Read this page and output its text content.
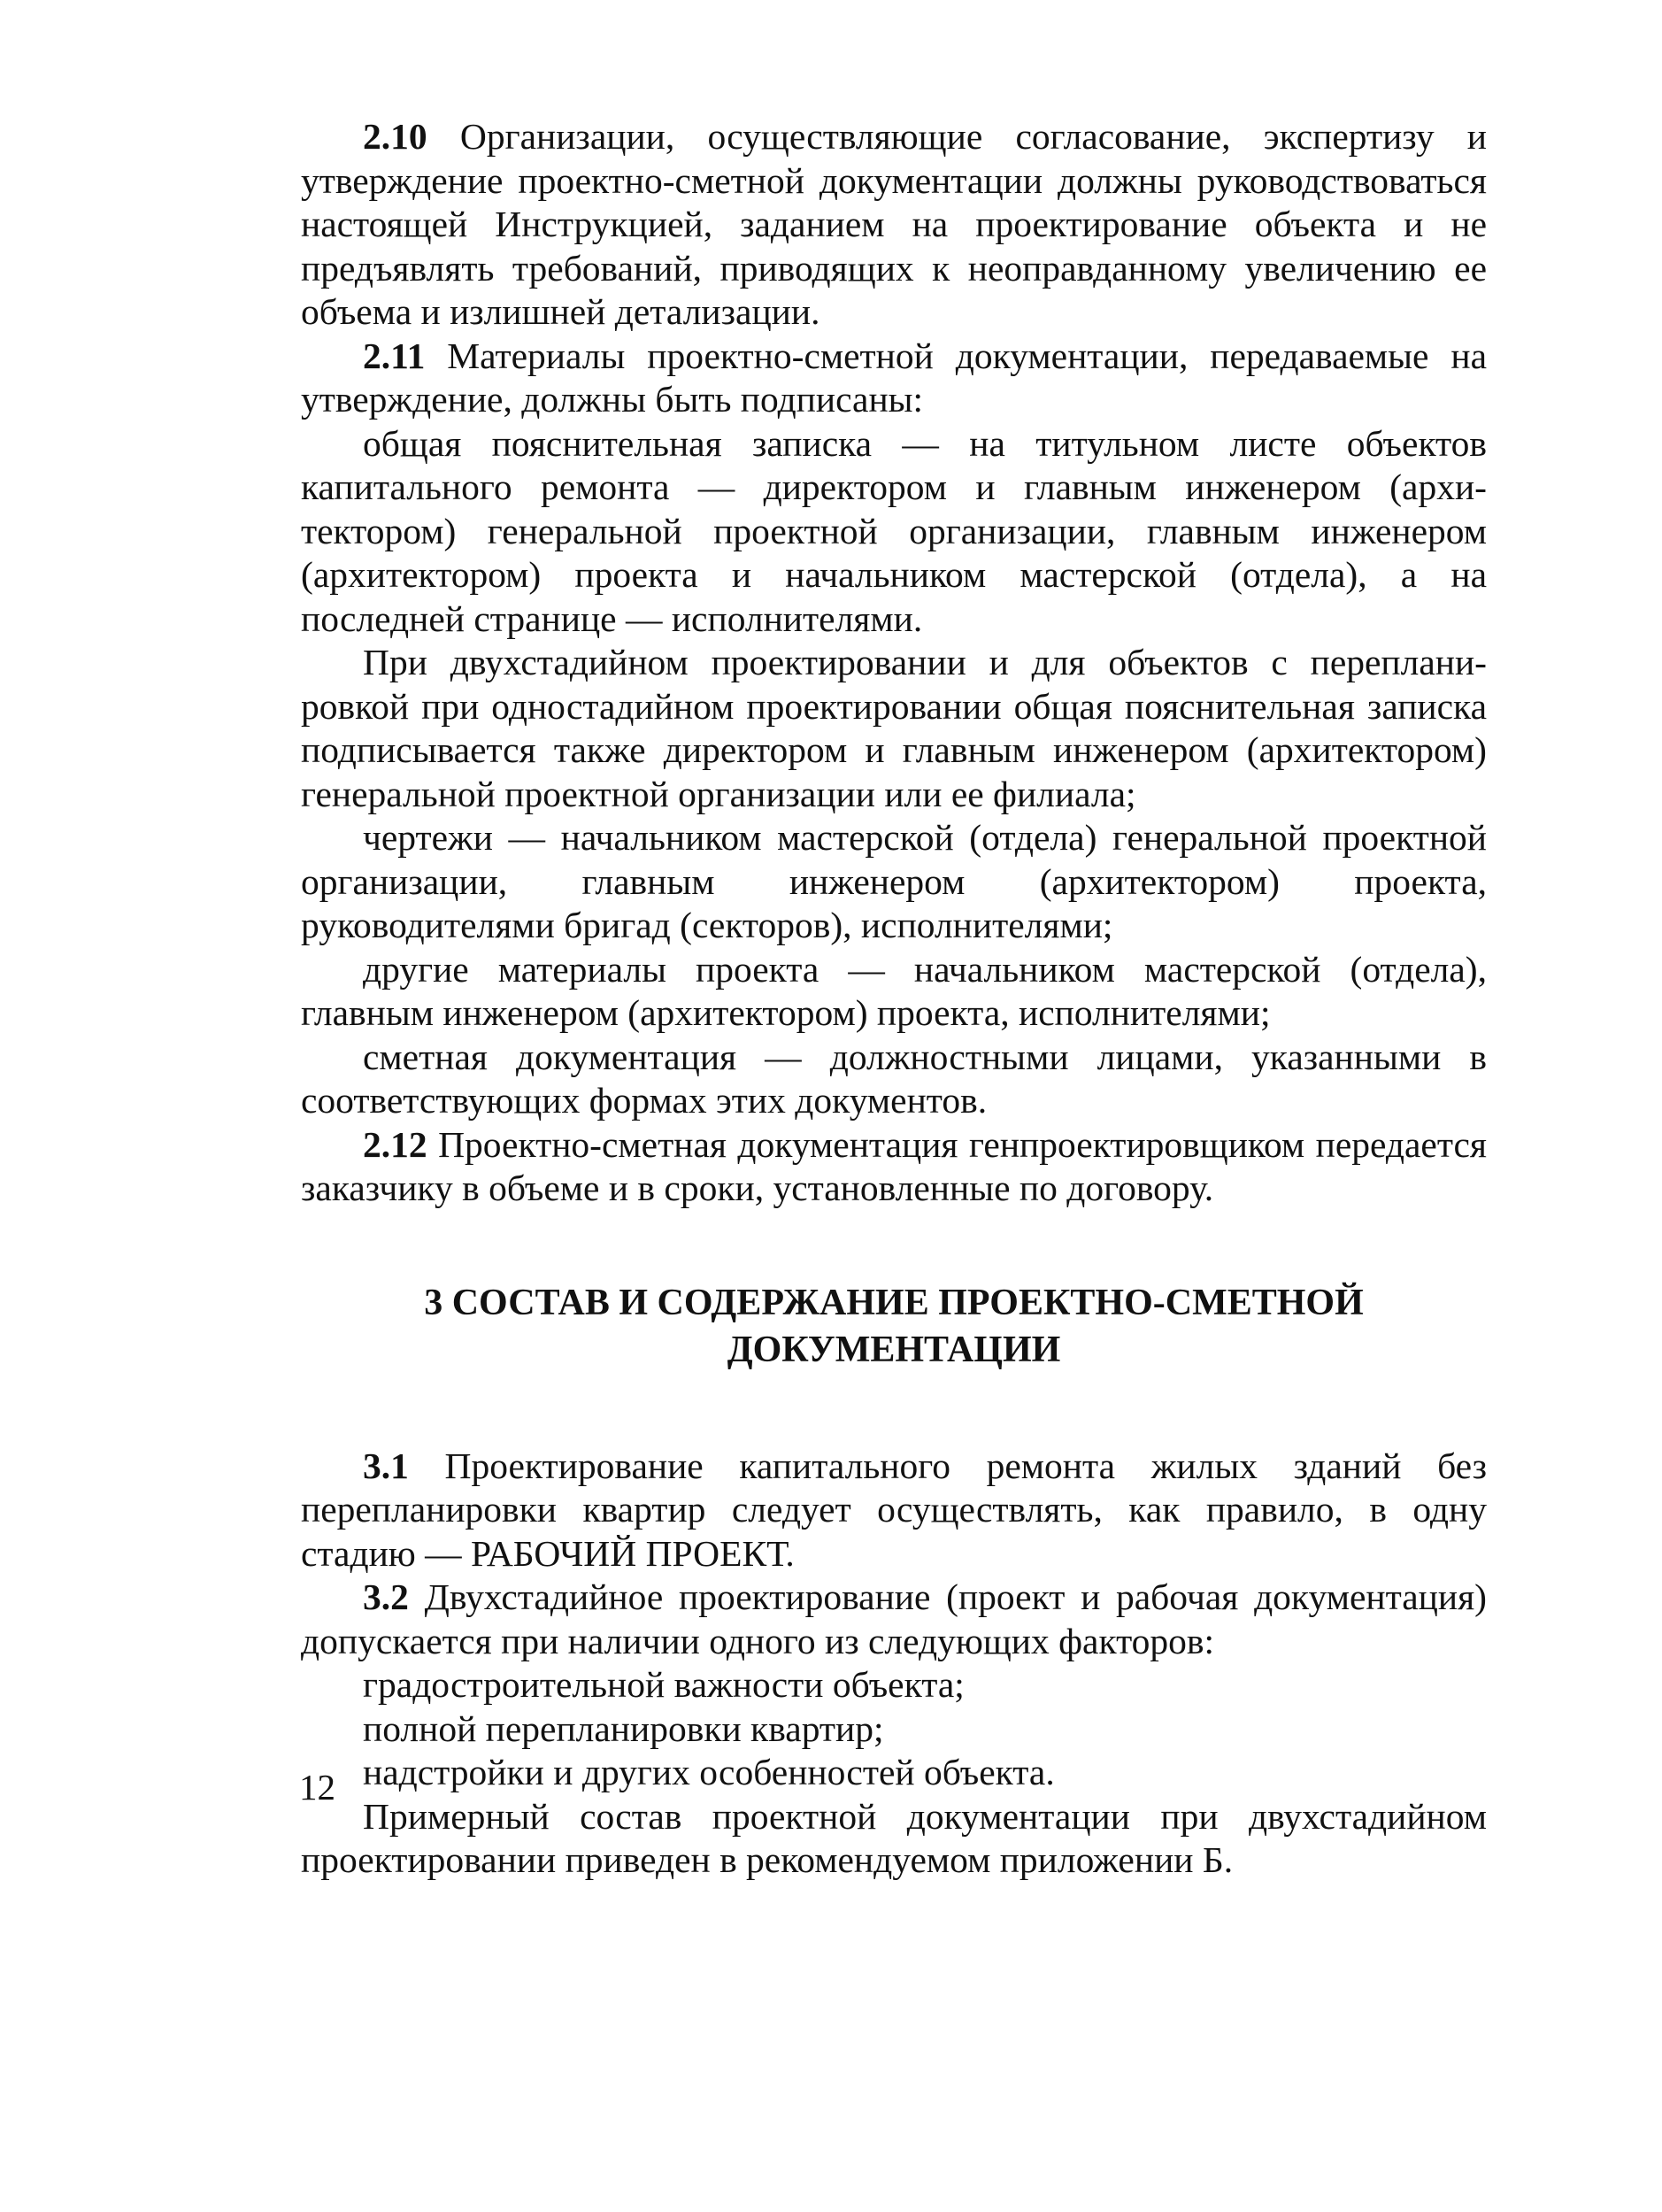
2.10 Организации, осуществляющие согласование, экспертизу и утверждение проектно-сметной документации должны руководствоваться настоящей Инструкцией, заданием на проектирование объекта и не предъявлять требований, приводящих к неоправданному увеличению ее объема и излишней детализации.

2.11 Материалы проектно-сметной документации, передаваемые на утверждение, должны быть подписаны:

общая пояснительная записка — на титульном листе объектов капитального ремонта — директором и главным инженером (архитектором) генеральной проектной организации, главным инженером (архитектором) проекта и начальником мастерской (отдела), а на последней странице — исполнителями.

При двухстадийном проектировании и для объектов с перепланировкой при одностадийном проектировании общая пояснительная записка подписывается также директором и главным инженером (архитектором) генеральной проектной организации или ее филиала;

чертежи — начальником мастерской (отдела) генеральной проектной организации, главным инженером (архитектором) проекта, руководителями бригад (секторов), исполнителями;

другие материалы проекта — начальником мастерской (отдела), главным инженером (архитектором) проекта, исполнителями;

сметная документация — должностными лицами, указанными в соответствующих формах этих документов.

2.12 Проектно-сметная документация генпроектировщиком передается заказчику в объеме и в сроки, установленные по договору.

3 СОСТАВ И СОДЕРЖАНИЕ ПРОЕКТНО-СМЕТНОЙ
ДОКУМЕНТАЦИИ

3.1 Проектирование капитального ремонта жилых зданий без перепланировки квартир следует осуществлять, как правило, в одну стадию — РАБОЧИЙ ПРОЕКТ.

3.2 Двухстадийное проектирование (проект и рабочая документация) допускается при наличии одного из следующих факторов:

градостроительной важности объекта;

полной перепланировки квартир;

надстройки и других особенностей объекта.

Примерный состав проектной документации при двухстадийном проектировании приведен в рекомендуемом приложении Б.

12
